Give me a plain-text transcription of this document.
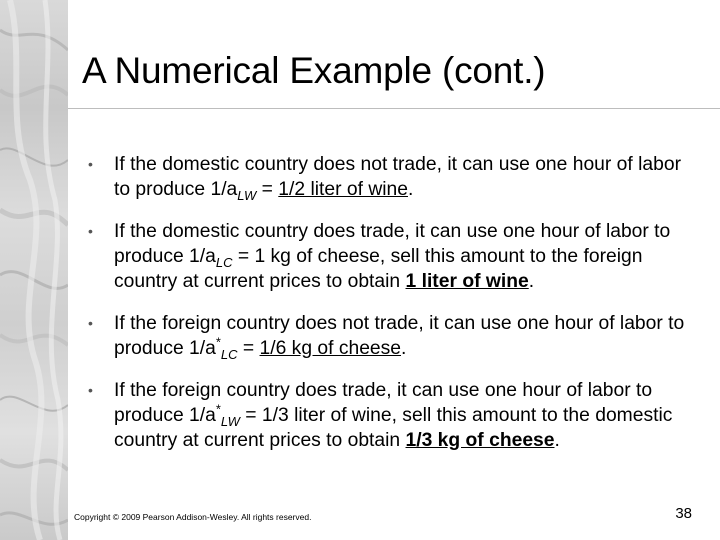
A Numerical Example (cont.)
• If the domestic country does not trade, it can use one hour of labor to produce $1/a_{LW} = 1/2$ liter of wine.
• If the domestic country does trade, it can use one hour of labor to produce $1/a_{LC} = 1$ kg of cheese, sell this amount to the foreign country at current prices to obtain 1 liter of wine.
• If the foreign country does not trade, it can use one hour of labor to produce $1/a^*_{LC} = 1/6$ kg of cheese.
• If the foreign country does trade, it can use one hour of labor to produce $1/a^*_{LW} = 1/3$ liter of wine, sell this amount to the domestic country at current prices to obtain 1/3 kg of cheese.
Copyright © 2009 Pearson Addison-Wesley. All rights reserved.	38
